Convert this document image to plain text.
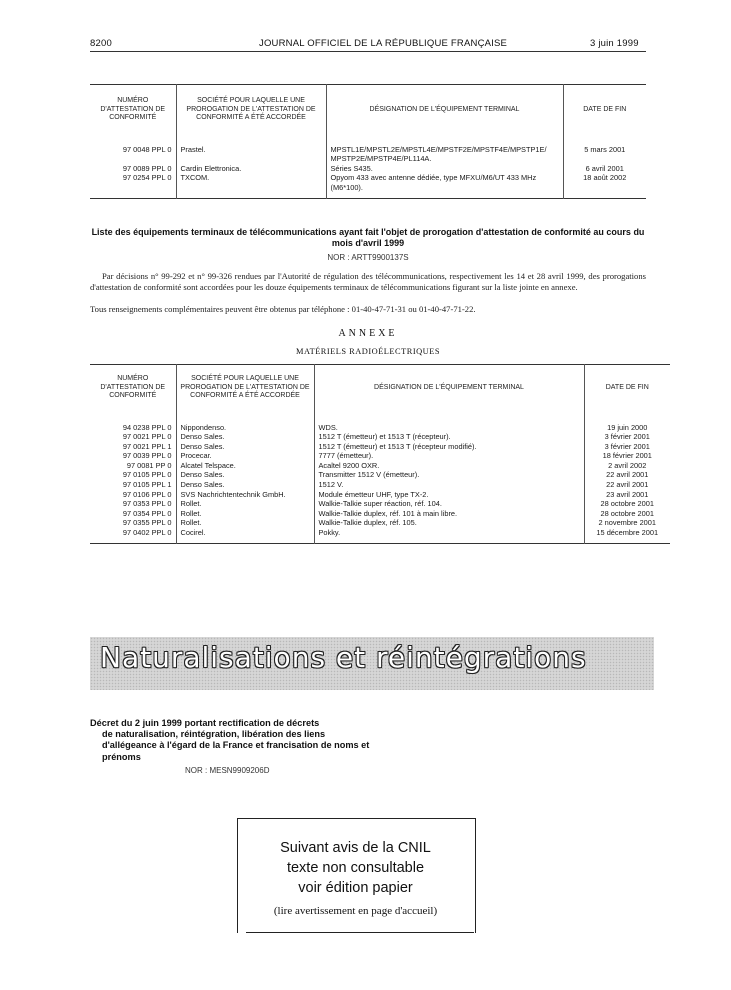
8200	JOURNAL OFFICIEL DE LA RÉPUBLIQUE FRANÇAISE	3 juin 1999
NUMÉRO D'ATTESTATION DE CONFORMITÉ	SOCIÉTÉ POUR LAQUELLE UNE PROROGATION DE L'ATTESTATION DE CONFORMITÉ A ÉTÉ ACCORDÉE	DÉSIGNATION DE L'ÉQUIPEMENT TERMINAL	DATE DE FIN

97 0048 PPL 0	Prastel.	MPSTL1E/MPSTL2E/MPSTL4E/MPSTF2E/MPSTF4E/MPSTP1E/ MPSTP2E/MPSTP4E/PL114A.	5 mars 2001
97 0089 PPL 0	Cardin Elettronica.	Séries S435.	6 avril 2001
97 0254 PPL 0	TXCOM.	Opyom 433 avec antenne dédiée, type MFXU/M6/UT 433 MHz (M6*100).	18 août 2002

Liste des équipements terminaux de télécommunications ayant fait l'objet de prorogation d'attestation de conformité au cours du mois d'avril 1999
NOR : ARTT9900137S
Par décisions n° 99-292 et n° 99-326 rendues par l'Autorité de régulation des télécommunications, respectivement les 14 et 28 avril 1999, des prorogations d'attestation de conformité sont accordées pour les douze équipements terminaux de télécommunications figurant sur la liste jointe en annexe.
Tous renseignements complémentaires peuvent être obtenus par téléphone : 01-40-47-71-31 ou 01-40-47-71-22.
ANNEXE
MATÉRIELS RADIOÉLECTRIQUES
NUMÉRO D'ATTESTATION DE CONFORMITÉ	SOCIÉTÉ POUR LAQUELLE UNE PROROGATION DE L'ATTESTATION DE CONFORMITÉ A ÉTÉ ACCORDÉE	DÉSIGNATION DE L'ÉQUIPEMENT TERMINAL	DATE DE FIN

94 0238 PPL 0	Nippondenso.	WDS.	19 juin 2000
97 0021 PPL 0	Denso Sales.	1512 T (émetteur) et 1513 T (récepteur).	3 février 2001
97 0021 PPL 1	Denso Sales.	1512 T (émetteur) et 1513 T (récepteur modifié).	3 février 2001
97 0039 PPL 0	Procecar.	7777 (émetteur).	18 février 2001
97 0081 PP 0	Alcatel Telspace.	Acaltel 9200 OXR.	2 avril 2002
97 0105 PPL 0	Denso Sales.	Transmitter 1512 V (émetteur).	22 avril 2001
97 0105 PPL 1	Denso Sales.	1512 V.	22 avril 2001
97 0106 PPL 0	SVS Nachrichtentechnik GmbH.	Module émetteur UHF, type TX-2.	23 avril 2001
97 0353 PPL 0	Rollet.	Walkie-Talkie super réaction, réf. 104.	28 octobre 2001
97 0354 PPL 0	Rollet.	Walkie-Talkie duplex, réf. 101 à main libre.	28 octobre 2001
97 0355 PPL 0	Rollet.	Walkie-Talkie duplex, réf. 105.	2 novembre 2001
97 0402 PPL 0	Cocirel.	Pokky.	15 décembre 2001

Naturalisations et réintégrations
Décret du 2 juin 1999 portant rectification de décrets
de naturalisation, réintégration, libération des liens d'allégeance à l'égard de la France et francisation de noms et prénoms
NOR : MESN9909206D
Suivant avis de la CNIL
texte non consultable
voir édition papier
(lire avertissement en page d'accueil)
